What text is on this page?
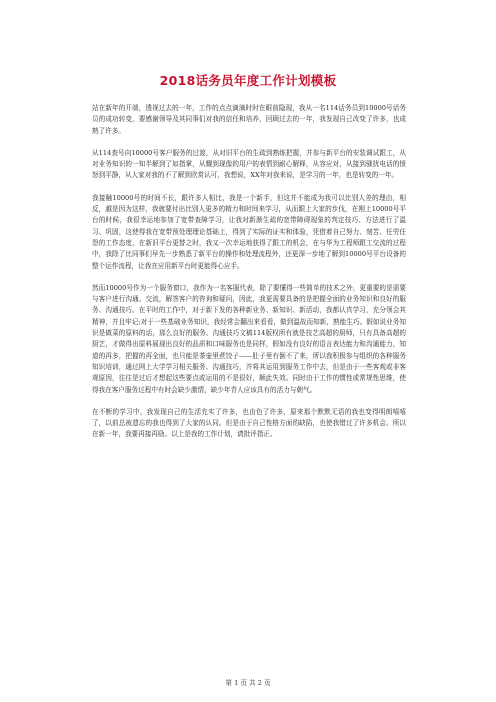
2018话务员年度工作计划模板

站在新年的开端，透视过去的一年，工作的点点滴滴时时在眼前隐现，我从一名114话务员到10000号话务员的成功转变，要感谢领导及其同事们对我的信任和培养，回顾过去的一年，我发现自己改变了许多，也成熟了许多。

从114查号向10000号客户服务的过渡，从对旧平台的生疏到熟练把握，并参与新平台的安装调试跟工，从对业务知识的一知半解到了如指掌，从耀到现像的用户的表情到耐心解释，从容应对，从接到骚扰电话的愤怒到平静，从大家对我的不了解到欣赏认可，我想说，XX年对我来说，是学习的一年，也是转变的一年。

我接触10000号的时间不长，跟许多人相比，我是一个新手，但这并不能成为我可以比别人差的理由，相反，越是因为这样，我就要付出比别人更多的精力和时间来学习，从而跟上大家的步伐，在刚上10000号平台的时候，我很幸运地参加了宽带查障学习，让我对新渐生疏的宽带障碍现象的判定技巧、方法进行了温习、巩固，这使得我在宽带预处理理论基础上，得到了实际的证实和体验，凭借着自己努力、刻苦、任劳任怨的工作态度，在新旧平台更替之时，我又一次幸运地获得了跟工的机会，在与华为工程师跟工交流的过程中，我除了比同事们早先一步熟悉了新平台的操作和处理流程外，还更深一步地了解到10000号平台设备的整个运作流程，让我在应用新平台时更能得心应手。

然而10000号作为一个服务窗口，我作为一名客服代表，除了要懂得一些简单的技术之外，更重要的是需要与客户进行沟通、交流，解答客户的咨询和疑问，因此，我更需要具备的是把握全面的业务知识和良好的服务、沟通技巧。在平时的工作中，对于新下发的各种新业务、新知识、新活动，我都认真学习，充分领会其精神，并且牢记;对于一些基础业务知识，我经常会翻出来看看，做到温故而知新，熟能生巧。假如说业务知识是做菜的原料的话，那么良好的服务、沟通技巧文稿114版权所有就是技艺高超的厨师，只有具备高超的厨艺，才做得出原料展现出良好的品质和口味服务也是同样，假如没有良好的语言表达能力和沟通能力，知道的再多，把握的再全面，也只能是茶壶里煮饺子——肚子里有倒不了来，所以我积极参与组织的各种服务知识培训，通过网上大学学习相关服务、沟通技巧，并将其运用到服务工作中去，但是由于一些客观或非客观原因，往往是过后才想起这些要点或运用的不是很好，顺此失效。同时由于工作的惯性或常规性思维，使得我在客户服务过程中有时会缺少激情，缺少年青人应该具有的活力与朝气。

在不断的学习中，我发现自己的生活充实了许多，也由色了许多，原来那个默默无语的我也变得明朗嘻嘻了，以前总被遗忘的我也得到了大家的认同。但是由于自己性格方面的缺陷，也使我错过了许多机会。所以在新一年，我要再接再励。以上是我的工作计划，请批评指正。

第 1 页 共 2 页
